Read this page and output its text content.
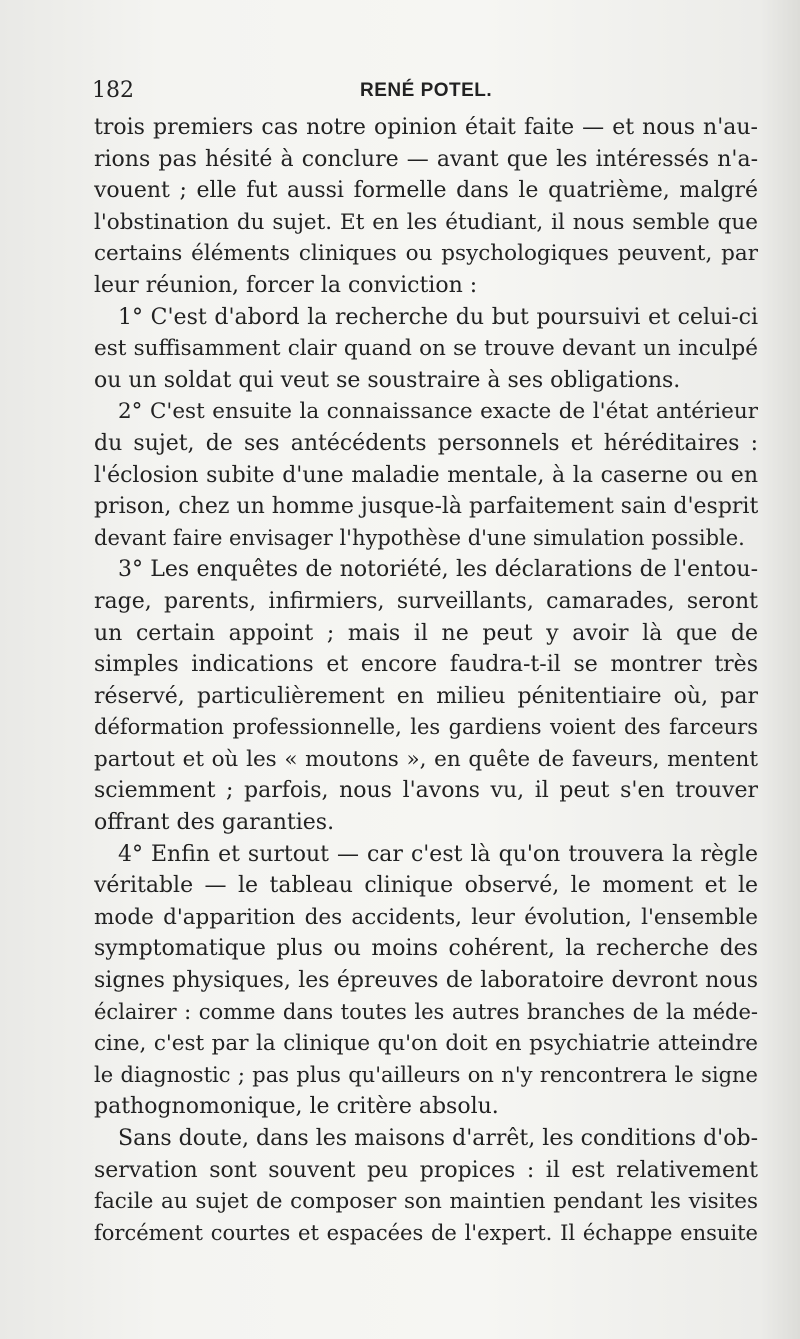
182	RENÉ POTEL.
trois premiers cas notre opinion était faite — et nous n'au-
rions pas hésité à conclure — avant que les intéressés n'a-
vouent ; elle fut aussi formelle dans le quatrième, malgré
l'obstination du sujet. Et en les étudiant, il nous semble que
certains éléments cliniques ou psychologiques peuvent, par
leur réunion, forcer la conviction :
1° C'est d'abord la recherche du but poursuivi et celui-ci
est suffisamment clair quand on se trouve devant un inculpé
ou un soldat qui veut se soustraire à ses obligations.
2° C'est ensuite la connaissance exacte de l'état antérieur
du sujet, de ses antécédents personnels et héréditaires :
l'éclosion subite d'une maladie mentale, à la caserne ou en
prison, chez un homme jusque-là parfaitement sain d'esprit
devant faire envisager l'hypothèse d'une simulation possible.
3° Les enquêtes de notoriété, les déclarations de l'entou-
rage, parents, infirmiers, surveillants, camarades, seront
un certain appoint ; mais il ne peut y avoir là que de
simples indications et encore faudra-t-il se montrer très
réservé, particulièrement en milieu pénitentiaire où, par
déformation professionnelle, les gardiens voient des farceurs
partout et où les « moutons », en quête de faveurs, mentent
sciemment ; parfois, nous l'avons vu, il peut s'en trouver
offrant des garanties.
4° Enfin et surtout — car c'est là qu'on trouvera la règle
véritable — le tableau clinique observé, le moment et le
mode d'apparition des accidents, leur évolution, l'ensemble
symptomatique plus ou moins cohérent, la recherche des
signes physiques, les épreuves de laboratoire devront nous
éclairer : comme dans toutes les autres branches de la méde-
cine, c'est par la clinique qu'on doit en psychiatrie atteindre
le diagnostic ; pas plus qu'ailleurs on n'y rencontrera le signe
pathognomonique, le critère absolu.
Sans doute, dans les maisons d'arrêt, les conditions d'ob-
servation sont souvent peu propices : il est relativement
facile au sujet de composer son maintien pendant les visites
forcément courtes et espacées de l'expert. Il échappe ensuite
